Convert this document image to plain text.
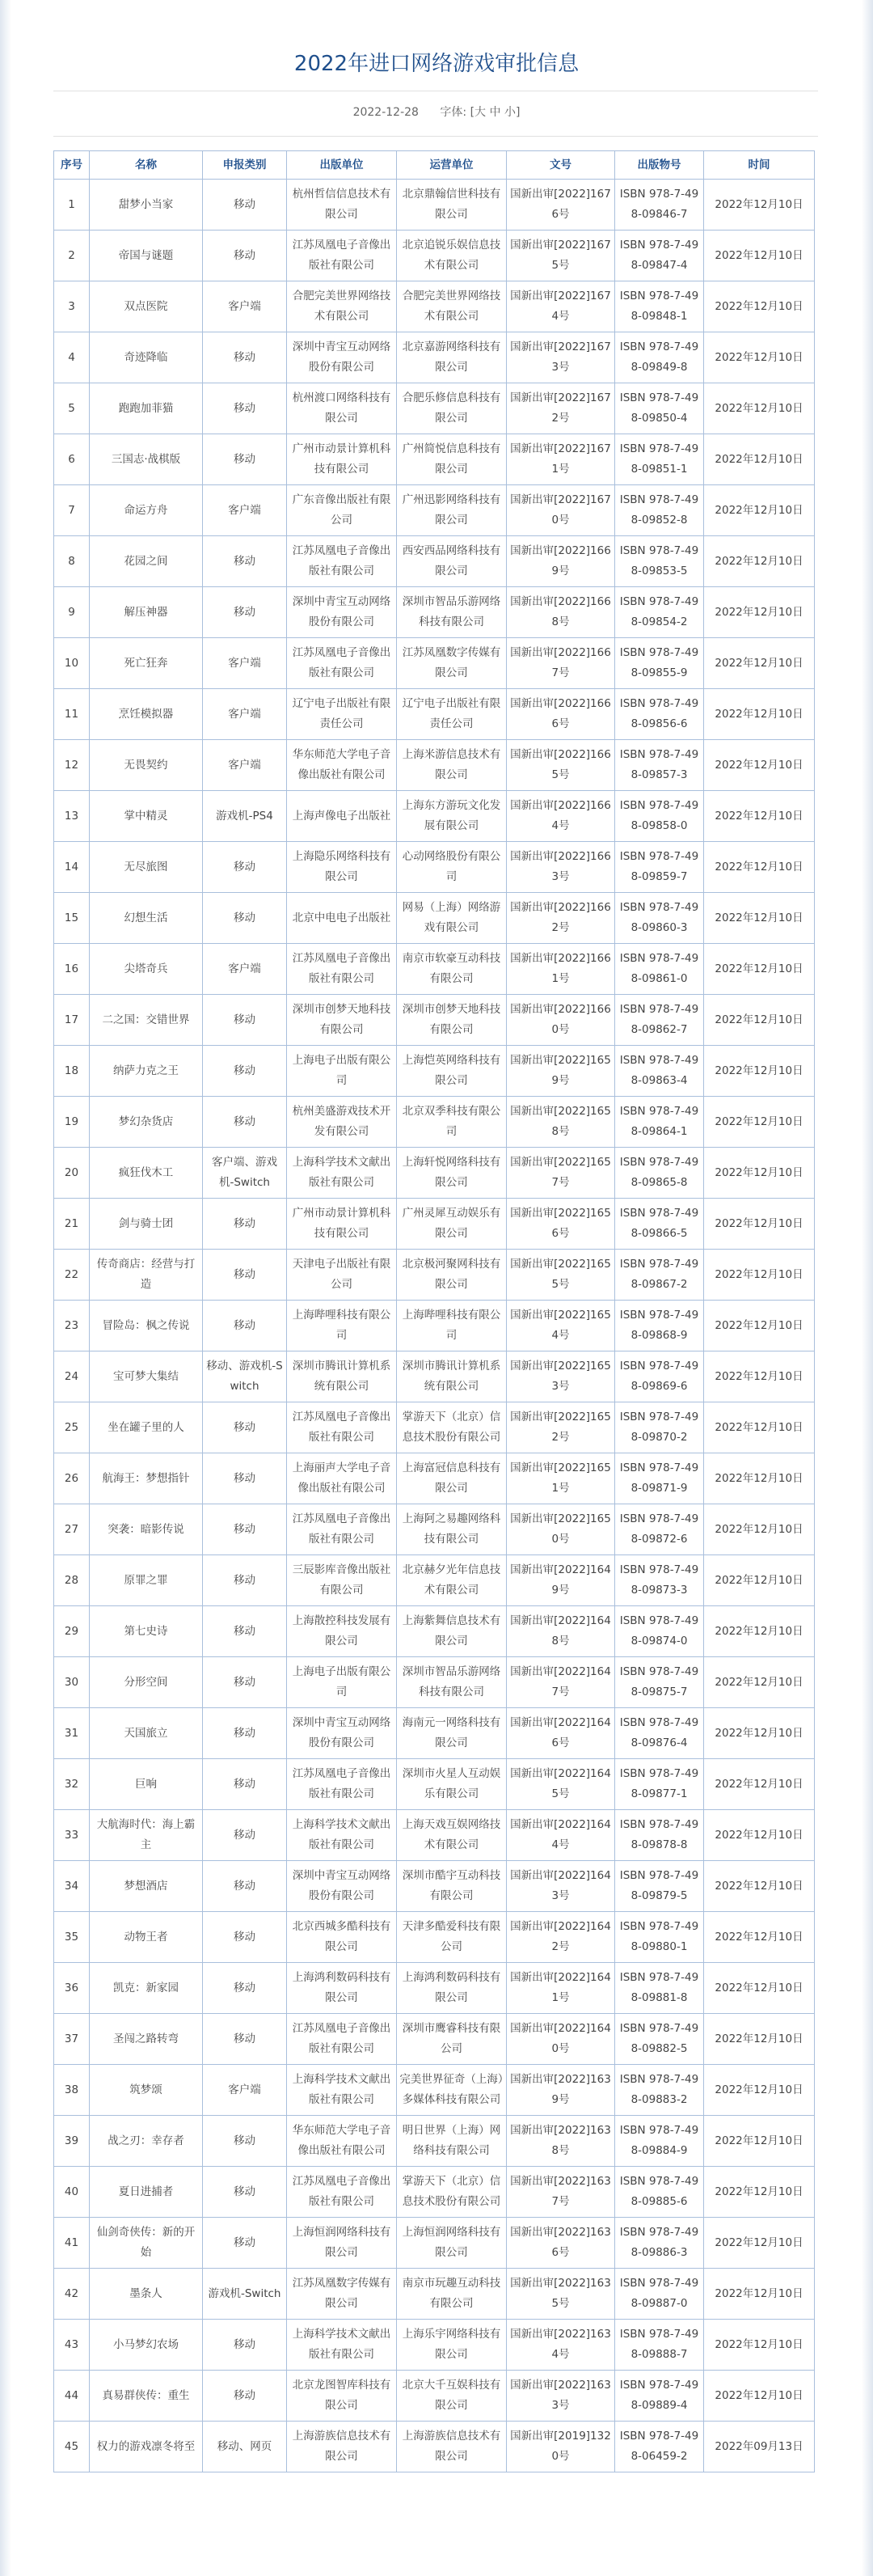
2022年进口网络游戏审批信息
2022-12-28 字体: [大 中 小]
序号	名称	申报类别	出版单位	运营单位	文号	出版物号	时间
1	甜梦小当家	移动	杭州哲信信息技术有限公司	北京鼎翰信世科技有限公司	国新出审[2022]1676号	ISBN 978-7-498-09846-7	2022年12月10日
2	帝国与谜题	移动	江苏凤凰电子音像出版社有限公司	北京追锐乐娱信息技术有限公司	国新出审[2022]1675号	ISBN 978-7-498-09847-4	2022年12月10日
3	双点医院	客户端	合肥完美世界网络技术有限公司	合肥完美世界网络技术有限公司	国新出审[2022]1674号	ISBN 978-7-498-09848-1	2022年12月10日
4	奇迹降临	移动	深圳中青宝互动网络股份有限公司	北京嘉游网络科技有限公司	国新出审[2022]1673号	ISBN 978-7-498-09849-8	2022年12月10日
5	跑跑加菲猫	移动	杭州渡口网络科技有限公司	合肥乐修信息科技有限公司	国新出审[2022]1672号	ISBN 978-7-498-09850-4	2022年12月10日
6	三国志·战棋版	移动	广州市动景计算机科技有限公司	广州简悦信息科技有限公司	国新出审[2022]1671号	ISBN 978-7-498-09851-1	2022年12月10日
7	命运方舟	客户端	广东音像出版社有限公司	广州迅影网络科技有限公司	国新出审[2022]1670号	ISBN 978-7-498-09852-8	2022年12月10日
8	花园之间	移动	江苏凤凰电子音像出版社有限公司	西安西品网络科技有限公司	国新出审[2022]1669号	ISBN 978-7-498-09853-5	2022年12月10日
9	解压神器	移动	深圳中青宝互动网络股份有限公司	深圳市智品乐游网络科技有限公司	国新出审[2022]1668号	ISBN 978-7-498-09854-2	2022年12月10日
10	死亡狂奔	客户端	江苏凤凰电子音像出版社有限公司	江苏凤凰数字传媒有限公司	国新出审[2022]1667号	ISBN 978-7-498-09855-9	2022年12月10日
11	烹饪模拟器	客户端	辽宁电子出版社有限责任公司	辽宁电子出版社有限责任公司	国新出审[2022]1666号	ISBN 978-7-498-09856-6	2022年12月10日
12	无畏契约	客户端	华东师范大学电子音像出版社有限公司	上海米游信息技术有限公司	国新出审[2022]1665号	ISBN 978-7-498-09857-3	2022年12月10日
13	掌中精灵	游戏机-PS4	上海声像电子出版社	上海东方游玩文化发展有限公司	国新出审[2022]1664号	ISBN 978-7-498-09858-0	2022年12月10日
14	无尽旅图	移动	上海隐乐网络科技有限公司	心动网络股份有限公司	国新出审[2022]1663号	ISBN 978-7-498-09859-7	2022年12月10日
15	幻想生活	移动	北京中电电子出版社	网易（上海）网络游戏有限公司	国新出审[2022]1662号	ISBN 978-7-498-09860-3	2022年12月10日
16	尖塔奇兵	客户端	江苏凤凰电子音像出版社有限公司	南京市软豪互动科技有限公司	国新出审[2022]1661号	ISBN 978-7-498-09861-0	2022年12月10日
17	二之国：交错世界	移动	深圳市创梦天地科技有限公司	深圳市创梦天地科技有限公司	国新出审[2022]1660号	ISBN 978-7-498-09862-7	2022年12月10日
18	纳萨力克之王	移动	上海电子出版有限公司	上海恺英网络科技有限公司	国新出审[2022]1659号	ISBN 978-7-498-09863-4	2022年12月10日
19	梦幻杂货店	移动	杭州美盛游戏技术开发有限公司	北京双季科技有限公司	国新出审[2022]1658号	ISBN 978-7-498-09864-1	2022年12月10日
20	疯狂伐木工	客户端、游戏机-Switch	上海科学技术文献出版社有限公司	上海轩悦网络科技有限公司	国新出审[2022]1657号	ISBN 978-7-498-09865-8	2022年12月10日
21	剑与骑士团	移动	广州市动景计算机科技有限公司	广州灵犀互动娱乐有限公司	国新出审[2022]1656号	ISBN 978-7-498-09866-5	2022年12月10日
22	传奇商店：经营与打造	移动	天津电子出版社有限公司	北京极河聚网科技有限公司	国新出审[2022]1655号	ISBN 978-7-498-09867-2	2022年12月10日
23	冒险岛：枫之传说	移动	上海哔哩科技有限公司	上海哔哩科技有限公司	国新出审[2022]1654号	ISBN 978-7-498-09868-9	2022年12月10日
24	宝可梦大集结	移动、游戏机-Switch	深圳市腾讯计算机系统有限公司	深圳市腾讯计算机系统有限公司	国新出审[2022]1653号	ISBN 978-7-498-09869-6	2022年12月10日
25	坐在罐子里的人	移动	江苏凤凰电子音像出版社有限公司	掌游天下（北京）信息技术股份有限公司	国新出审[2022]1652号	ISBN 978-7-498-09870-2	2022年12月10日
26	航海王：梦想指针	移动	上海丽声大学电子音像出版社有限公司	上海富冠信息科技有限公司	国新出审[2022]1651号	ISBN 978-7-498-09871-9	2022年12月10日
27	突袭：暗影传说	移动	江苏凤凰电子音像出版社有限公司	上海阿之易趣网络科技有限公司	国新出审[2022]1650号	ISBN 978-7-498-09872-6	2022年12月10日
28	原罪之罪	移动	三辰影库音像出版社有限公司	北京赫夕光年信息技术有限公司	国新出审[2022]1649号	ISBN 978-7-498-09873-3	2022年12月10日
29	第七史诗	移动	上海散控科技发展有限公司	上海紫舞信息技术有限公司	国新出审[2022]1648号	ISBN 978-7-498-09874-0	2022年12月10日
30	分形空间	移动	上海电子出版有限公司	深圳市智品乐游网络科技有限公司	国新出审[2022]1647号	ISBN 978-7-498-09875-7	2022年12月10日
31	天国旅立	移动	深圳中青宝互动网络股份有限公司	海南元一网络科技有限公司	国新出审[2022]1646号	ISBN 978-7-498-09876-4	2022年12月10日
32	巨响	移动	江苏凤凰电子音像出版社有限公司	深圳市火星人互动娱乐有限公司	国新出审[2022]1645号	ISBN 978-7-498-09877-1	2022年12月10日
33	大航海时代：海上霸主	移动	上海科学技术文献出版社有限公司	上海天戏互娱网络技术有限公司	国新出审[2022]1644号	ISBN 978-7-498-09878-8	2022年12月10日
34	梦想酒店	移动	深圳中青宝互动网络股份有限公司	深圳市酷宇互动科技有限公司	国新出审[2022]1643号	ISBN 978-7-498-09879-5	2022年12月10日
35	动物王者	移动	北京西城多酷科技有限公司	天津多酷爱科技有限公司	国新出审[2022]1642号	ISBN 978-7-498-09880-1	2022年12月10日
36	凯克：新家园	移动	上海鸿利数码科技有限公司	上海鸿利数码科技有限公司	国新出审[2022]1641号	ISBN 978-7-498-09881-8	2022年12月10日
37	圣闯之路转弯	移动	江苏凤凰电子音像出版社有限公司	深圳市鹰睿科技有限公司	国新出审[2022]1640号	ISBN 978-7-498-09882-5	2022年12月10日
38	筑梦颂	客户端	上海科学技术文献出版社有限公司	完美世界征奇（上海）多媒体科技有限公司	国新出审[2022]1639号	ISBN 978-7-498-09883-2	2022年12月10日
39	战之刃：幸存者	移动	华东师范大学电子音像出版社有限公司	明日世界（上海）网络科技有限公司	国新出审[2022]1638号	ISBN 978-7-498-09884-9	2022年12月10日
40	夏日进捕者	移动	江苏凤凰电子音像出版社有限公司	掌游天下（北京）信息技术股份有限公司	国新出审[2022]1637号	ISBN 978-7-498-09885-6	2022年12月10日
41	仙剑奇侠传：新的开始	移动	上海恒润网络科技有限公司	上海恒润网络科技有限公司	国新出审[2022]1636号	ISBN 978-7-498-09886-3	2022年12月10日
42	墨条人	游戏机-Switch	江苏凤凰数字传媒有限公司	南京市玩趣互动科技有限公司	国新出审[2022]1635号	ISBN 978-7-498-09887-0	2022年12月10日
43	小马梦幻农场	移动	上海科学技术文献出版社有限公司	上海乐宇网络科技有限公司	国新出审[2022]1634号	ISBN 978-7-498-09888-7	2022年12月10日
44	真易群侠传：重生	移动	北京龙图智库科技有限公司	北京大千互娱科技有限公司	国新出审[2022]1633号	ISBN 978-7-498-09889-4	2022年12月10日
45	权力的游戏凛冬将至	移动、网页	上海游族信息技术有限公司	上海游族信息技术有限公司	国新出审[2019]1320号	ISBN 978-7-498-06459-2	2022年09月13日
